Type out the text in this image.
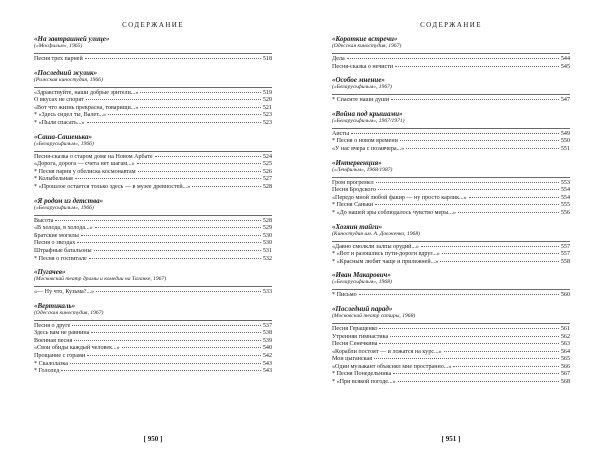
СОДЕРЖАНИЕ
«На завтрашней улице»
(«Мосфильм», 1965)
Песня трех парней	518
«Последний жулик»
(Рижская киностудия, 1966)
«Здравствуйте, наши добрые зрители...»	519
О вкусах не спорят	520
«Вот что жизнь прекрасна, товарищи...»	521
* «Здесь сидел ты, Валет...»	523
* «Пыля спасать...»	523
«Саша-Сашенька»
(«Беларусьфильм», 1966)
Песня-сказка о старом доме на Новом Арбате	524
«Дорога, дорога — счета нет шагам...»	525
* Песня парня у обелиска космонавтам	526
* Колыбельная	527
* «Прошлое остается только здесь — в музее древностей...»	528
«Я родом из детства»
(«Беларусьфильм», 1966)
Высота	528
«В холода, в холода...»	529
Братские могилы	530
Песня о звездах	530
Штрафные батальоны	531
* Песня о госпитале	532
«Пугачев»
(Московский театр драмы и комедии на Таганке, 1967)
«— Ну что, Кузьма?...»	533
«Вертикаль»
(Одесская киностудия, 1967)
Песня о друге	537
Здесь вам не равнина	538
Военная песня	539
«Свои обиды каждый человек...»	540
Прощание с горами	542
* Скалолазка	543
* Гололед	543
[ 950 ]
СОДЕРЖАНИЕ
«Короткие встречи»
(Одесская киностудия, 1967)
Дела	544
Песня-сказка о нечисти	545
«Особое мнение»
(«Беларусьфильм», 1967)
* Спасите наши души	547
«Война под крышами»
(«Беларусьфильм», 1967/1971)
Аисты	549
* Песня о новом времени	550
«У нас вчера с позавчера...»	551
«Интервенция»
(«Ленфильм», 1968/1987)
Гром прогремел	553
Песня Бродского	554
«Передо мной любой факир — ну просто карлик...»	554
* Песня Саньки	555
* «До нашей эры соблюдалось чувство меры...»	556
«Хозяин тайги»
(Киностудия им. А. Довженко, 1968)
«Давно смолкли залпы орудий...»	557
* «Вот и разошлись пути-дороги вдруг...»	557
* «Красным любят чаще и прилежней...»	558
«Иван Макарович»
(«Беларусьфильм», 1968)
* Письмо	560
«Последний парад»
(Московский театр сатиры, 1968)
Песня Геращенко	561
Утренняя гимнастика	562
Песня Сенечкина	563
«Корабли постоят — и ложатся на курс...»	564
Мои цыганская	565
«Один музыкант объяснял мне пространно...»	566
* Песня Понедельника	567
* «При всякой погоде...»	568
[ 951 ]
